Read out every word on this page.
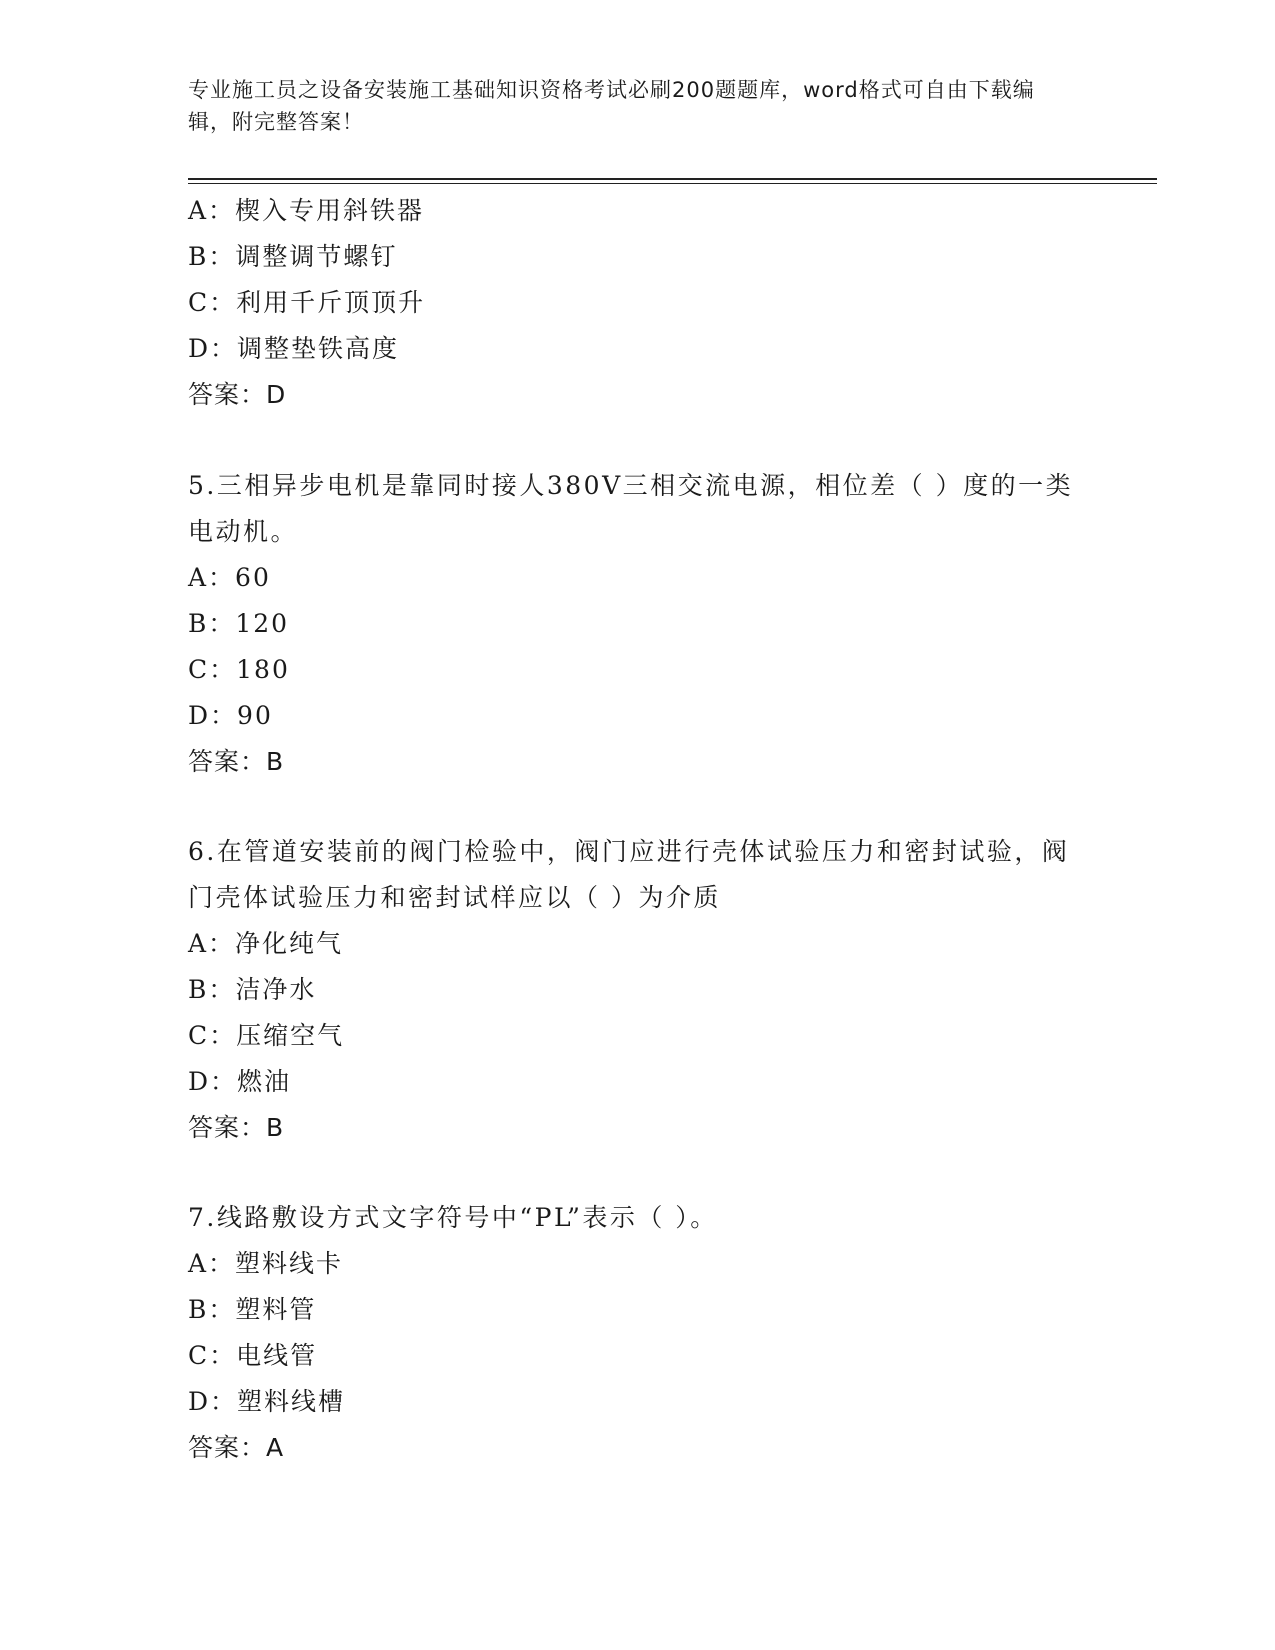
专业施工员之设备安装施工基础知识资格考试必刷200题题库，word格式可自由下载编辑，附完整答案！
A：楔入专用斜铁器
B：调整调节螺钉
C：利用千斤顶顶升
D：调整垫铁高度
答案：D
5.三相异步电机是靠同时接人380V三相交流电源，相位差（ ）度的一类电动机。
A：60
B：120
C：180
D：90
答案：B
6.在管道安装前的阀门检验中，阀门应进行壳体试验压力和密封试验，阀门壳体试验压力和密封试样应以（ ）为介质
A：净化纯气
B：洁净水
C：压缩空气
D：燃油
答案：B
7.线路敷设方式文字符号中“PL”表示（ ）。
A：塑料线卡
B：塑料管
C：电线管
D：塑料线槽
答案：A
